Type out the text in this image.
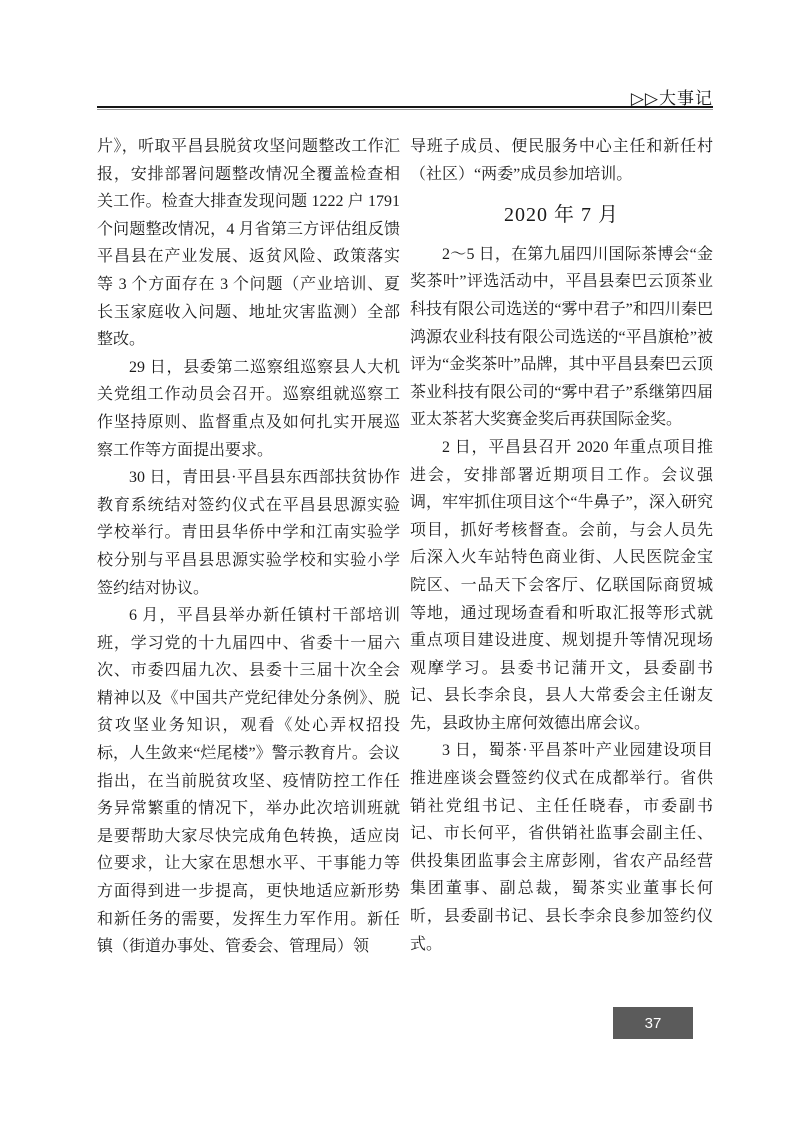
▷▷大事记

片》，听取平昌县脱贫攻坚问题整改工作汇报，安排部署问题整改情况全覆盖检查相关工作。检查大排查发现问题 1222 户 1791 个问题整改情况，4 月省第三方评估组反馈平昌县在产业发展、返贫风险、政策落实等 3 个方面存在 3 个问题（产业培训、夏长玉家庭收入问题、地址灾害监测）全部整改。

29 日，县委第二巡察组巡察县人大机关党组工作动员会召开。巡察组就巡察工作坚持原则、监督重点及如何扎实开展巡察工作等方面提出要求。

30 日，青田县·平昌县东西部扶贫协作教育系统结对签约仪式在平昌县思源实验学校举行。青田县华侨中学和江南实验学校分别与平昌县思源实验学校和实验小学签约结对协议。

6 月，平昌县举办新任镇村干部培训班，学习党的十九届四中、省委十一届六次、市委四届九次、县委十三届十次全会精神以及《中国共产党纪律处分条例》、脱贫攻坚业务知识，观看《处心弄权招投标，人生敛来“烂尾楼”》警示教育片。会议指出，在当前脱贫攻坚、疫情防控工作任务异常繁重的情况下，举办此次培训班就是要帮助大家尽快完成角色转换，适应岗位要求，让大家在思想水平、干事能力等方面得到进一步提高，更快地适应新形势和新任务的需要，发挥生力军作用。新任镇（街道办事处、管委会、管理局）领

导班子成员、便民服务中心主任和新任村（社区）“两委”成员参加培训。

2020 年 7 月

2～5 日，在第九届四川国际茶博会“金奖茶叶”评选活动中，平昌县秦巴云顶茶业科技有限公司选送的“雾中君子”和四川秦巴鸿源农业科技有限公司选送的“平昌旗枪”被评为“金奖茶叶”品牌，其中平昌县秦巴云顶茶业科技有限公司的“雾中君子”系继第四届亚太茶茗大奖赛金奖后再获国际金奖。

2 日，平昌县召开 2020 年重点项目推进会，安排部署近期项目工作。会议强调，牢牢抓住项目这个“牛鼻子”，深入研究项目，抓好考核督查。会前，与会人员先后深入火车站特色商业街、人民医院金宝院区、一品天下会客厅、亿联国际商贸城等地，通过现场查看和听取汇报等形式就重点项目建设进度、规划提升等情况现场观摩学习。县委书记蒲开文，县委副书记、县长李余良，县人大常委会主任谢友先，县政协主席何效德出席会议。

3 日，蜀茶·平昌茶叶产业园建设项目推进座谈会暨签约仪式在成都举行。省供销社党组书记、主任任晓春，市委副书记、市长何平，省供销社监事会副主任、供投集团监事会主席彭刚，省农产品经营集团董事、副总裁，蜀茶实业董事长何昕，县委副书记、县长李余良参加签约仪式。

37
